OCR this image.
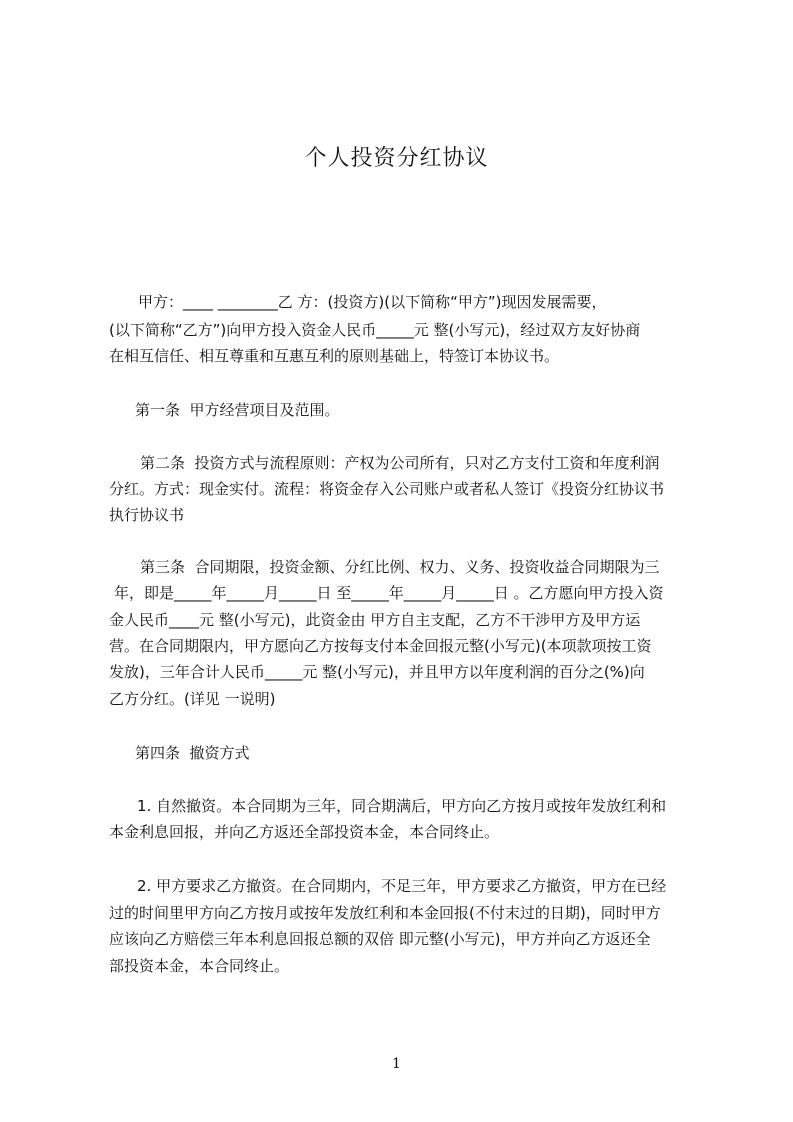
个人投资分红协议
甲方：____ ________乙 方：(投资方)(以下简称“甲方”)现因发展需要，
(以下简称“乙方”)向甲方投入资金人民币_____元 整(小写元)，经过双方友好协商
在相互信任、相互尊重和互惠互利的原则基础上，特签订本协议书。
第一条  甲方经营项目及范围。
第二条  投资方式与流程原则：产权为公司所有，只对乙方支付工资和年度利润
分红。方式：现金实付。流程：将资金存入公司账户或者私人签订《投资分红协议书
执行协议书
第三条  合同期限，投资金额、分红比例、权力、义务、投资收益合同期限为三
年，即是_____年_____月_____日 至_____年_____月_____日 。乙方愿向甲方投入资
金人民币____元 整(小写元)，此资金由 甲方自主支配，乙方不干涉甲方及甲方运
营。在合同期限内，甲方愿向乙方按每支付本金回报元整(小写元)(本项款项按工资
发放)，三年合计人民币_____元 整(小写元)，并且甲方以年度利润的百分之(%)向
乙方分红。(详见 一说明)
第四条  撤资方式
1. 自然撤资。本合同期为三年，同合期满后，甲方向乙方按月或按年发放红利和
本金利息回报，并向乙方返还全部投资本金，本合同终止。
2. 甲方要求乙方撤资。在合同期内，不足三年，甲方要求乙方撤资，甲方在已经
过的时间里甲方向乙方按月或按年发放红利和本金回报(不付末过的日期)，同时甲方
应该向乙方赔偿三年本利息回报总额的双倍 即元整(小写元)，甲方并向乙方返还全
部投资本金，本合同终止。
1
